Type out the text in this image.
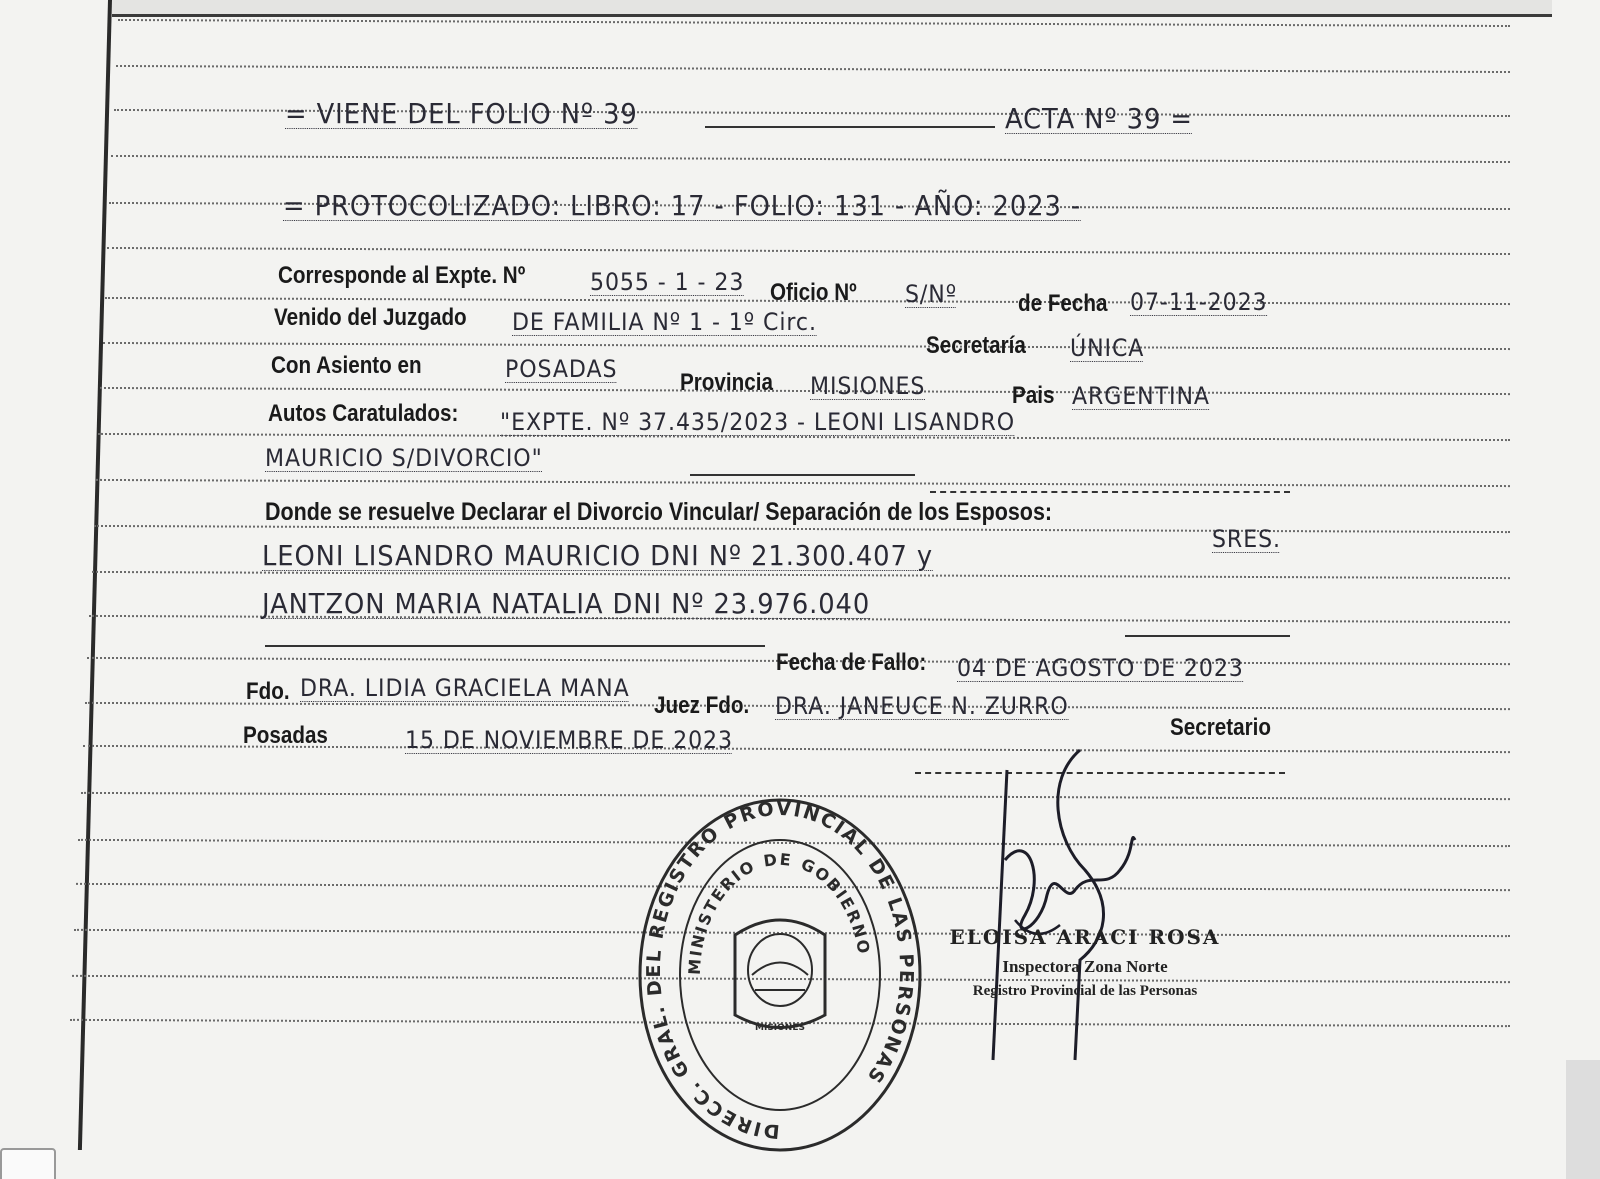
= VIENE DEL FOLIO Nº 39	ACTA Nº 39 =
= PROTOCOLIZADO: LIBRO: 17 - FOLIO: 131 - AÑO: 2023 -
Corresponde al Expte. Nº	5055 - 1 - 23 Oficio Nº S/Nº	de Fecha 07-11-2023
Venido del Juzgado DE FAMILIA Nº 1 - 1º Circ.
Secretaría ÚNICA
Con Asiento en	POSADAS	Provincia MISIONES	Pais ARGENTINA
Autos Caratulados: "EXPTE. Nº 37.435/2023 - LEONI LISANDRO
MAURICIO S/DIVORCIO"
Donde se resuelve Declarar el Divorcio Vincular/ Separación de los Esposos:
SRES.
LEONI LISANDRO MAURICIO DNI Nº 21.300.407 y
JANTZON MARIA NATALIA DNI Nº 23.976.040
Fecha de Fallo: 04 DE AGOSTO DE 2023
Fdo. DRA. LIDIA GRACIELA MANA
Juez Fdo. DRA. JANEUCE N. ZURRO
Secretario
Posadas	15 DE NOVIEMBRE DE 2023
DIRECC. GRAL. DEL REGISTRO PROVINCIAL DE LAS PERSONAS
MINISTERIO DE GOBIERNO
MISIONES
ELOISA ARACI ROSA
Inspectora Zona Norte
Registro Provincial de las Personas
